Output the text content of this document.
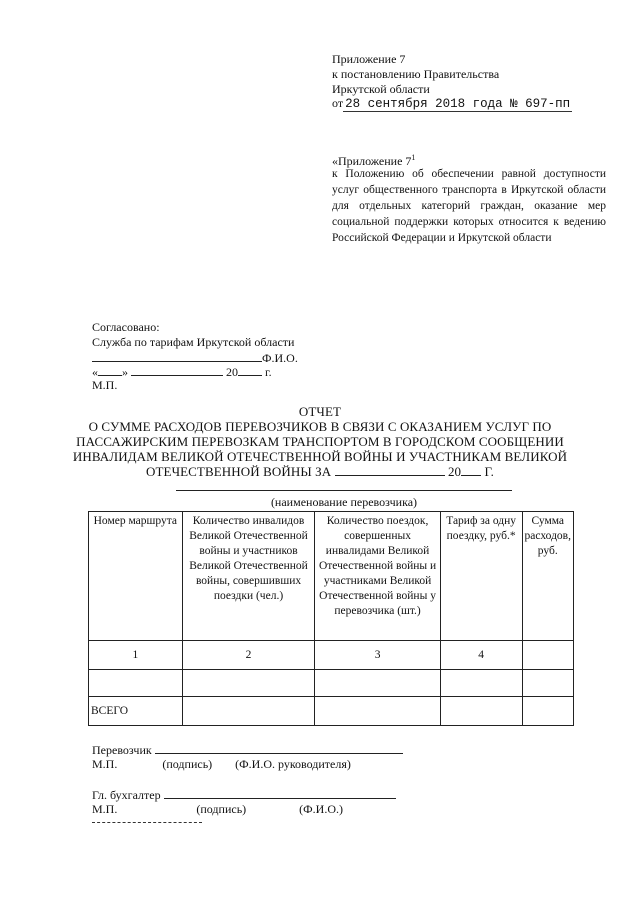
Приложение 7
к постановлению Правительства
Иркутской области
от 28 сентября 2018 года № 697-пп
«Приложение $7^1$
к Положению об обеспечении равной доступности услуг общественного транспорта в Иркутской области для отдельных категорий граждан, оказание мер социальной поддержки которых относится к ведению Российской Федерации и Иркутской области
Согласовано:
Служба по тарифам Иркутской области
Ф.И.О.
« »	20 г.
М.П.
ОТЧЕТ
О СУММЕ РАСХОДОВ ПЕРЕВОЗЧИКОВ В СВЯЗИ С ОКАЗАНИЕМ УСЛУГ ПО
ПАССАЖИРСКИМ ПЕРЕВОЗКАМ ТРАНСПОРТОМ В ГОРОДСКОМ СООБЩЕНИИ
ИНВАЛИДАМ ВЕЛИКОЙ ОТЕЧЕСТВЕННОЙ ВОЙНЫ И УЧАСТНИКАМ ВЕЛИКОЙ
ОТЕЧЕСТВЕННОЙ ВОЙНЫ ЗА	20 Г.
(наименование перевозчика)
Номер маршрута	Количество инвалидов Великой Отечественной войны и участников Великой Отечественной войны, совершивших поездки (чел.)	Количество поездок, совершенных инвалидами Великой Отечественной войны и участниками Великой Отечественной войны у перевозчика (шт.)	Тариф за одну поездку, руб.*	Сумма расходов, руб.
1	2	3	4	

ВСЕГО				
Перевозчик
М.П.	(подпись) (Ф.И.О. руководителя)
Гл. бухгалтер
М.П.	(подпись)	(Ф.И.О.)
